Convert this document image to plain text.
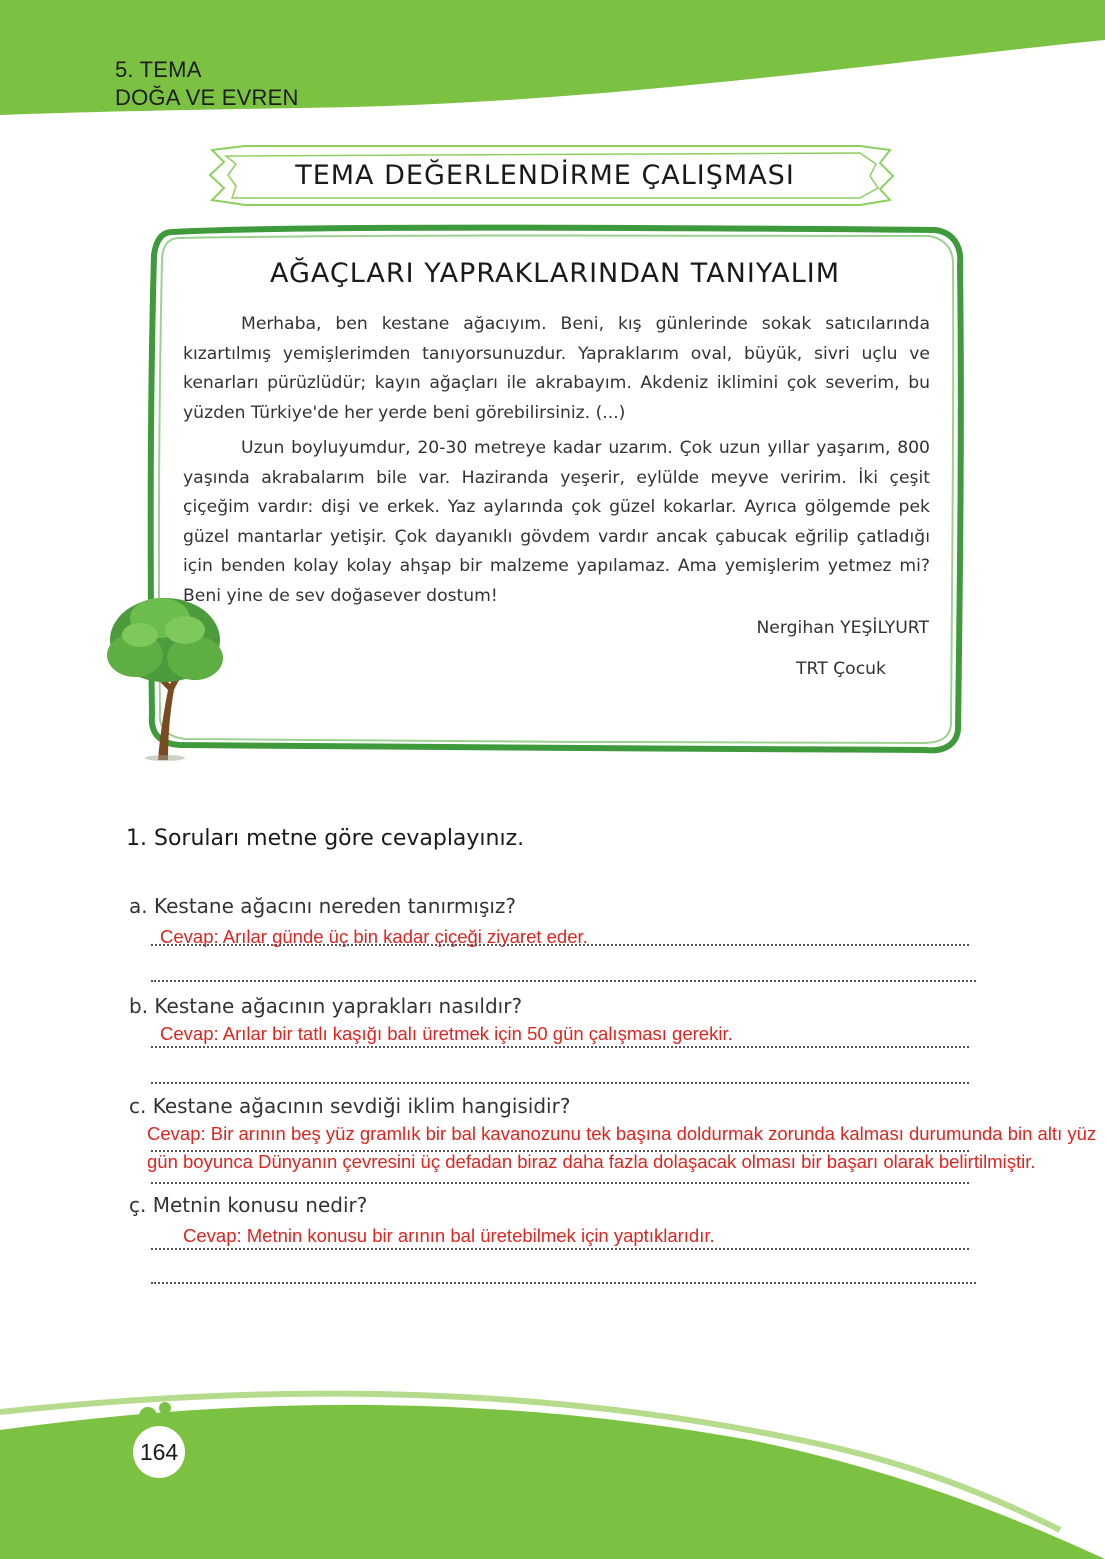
5. TEMA
DOĞA VE EVREN
TEMA DEĞERLENDİRME ÇALIŞMASI
AĞAÇLARI YAPRAKLARINDAN TANIYALIM

Merhaba, ben kestane ağacıyım. Beni, kış günlerinde sokak satıcılarında kızartılmış yemişlerimden tanıyorsunuzdur. Yapraklarım oval, büyük, sivri uçlu ve kenarları pürüzlüdür; kayın ağaçları ile akrabayım. Akdeniz iklimini çok severim, bu yüzden Türkiye'de her yerde beni görebilirsiniz. (...)

Uzun boyluyumdur, 20-30 metreye kadar uzarım. Çok uzun yıllar yaşarım, 800 yaşında akrabalarım bile var. Haziranda yeşerir, eylülde meyve veririm. İki çeşit çiçeğim vardır: dişi ve erkek. Yaz aylarında çok güzel kokarlar. Ayrıca gölgemde pek güzel mantarlar yetişir. Çok dayanıklı gövdem vardır ancak çabucak eğrilip çatladığı için benden kolay kolay ahşap bir malzeme yapılamaz. Ama yemişlerim yetmez mi? Beni yine de sev doğasever dostum!

Nergihan YEŞİLYURT
TRT Çocuk
1. Soruları metne göre cevaplayınız.
a. Kestane ağacını nereden tanırmışız?
Cevap: Arılar günde üç bin kadar çiçeği ziyaret eder.
b. Kestane ağacının yaprakları nasıldır?
Cevap: Arılar bir tatlı kaşığı balı üretmek için 50 gün çalışması gerekir.
c. Kestane ağacının sevdiği iklim hangisidir?
Cevap: Bir arının beş yüz gramlık bir bal kavanozunu tek başına doldurmak zorunda kalması durumunda bin altı yüz gün boyunca Dünyanın çevresini üç defadan biraz daha fazla dolaşacak olması bir başarı olarak belirtilmiştir.
ç. Metnin konusu nedir?
Cevap: Metnin konusu bir arının bal üretebilmek için yaptıklarıdır.
164
